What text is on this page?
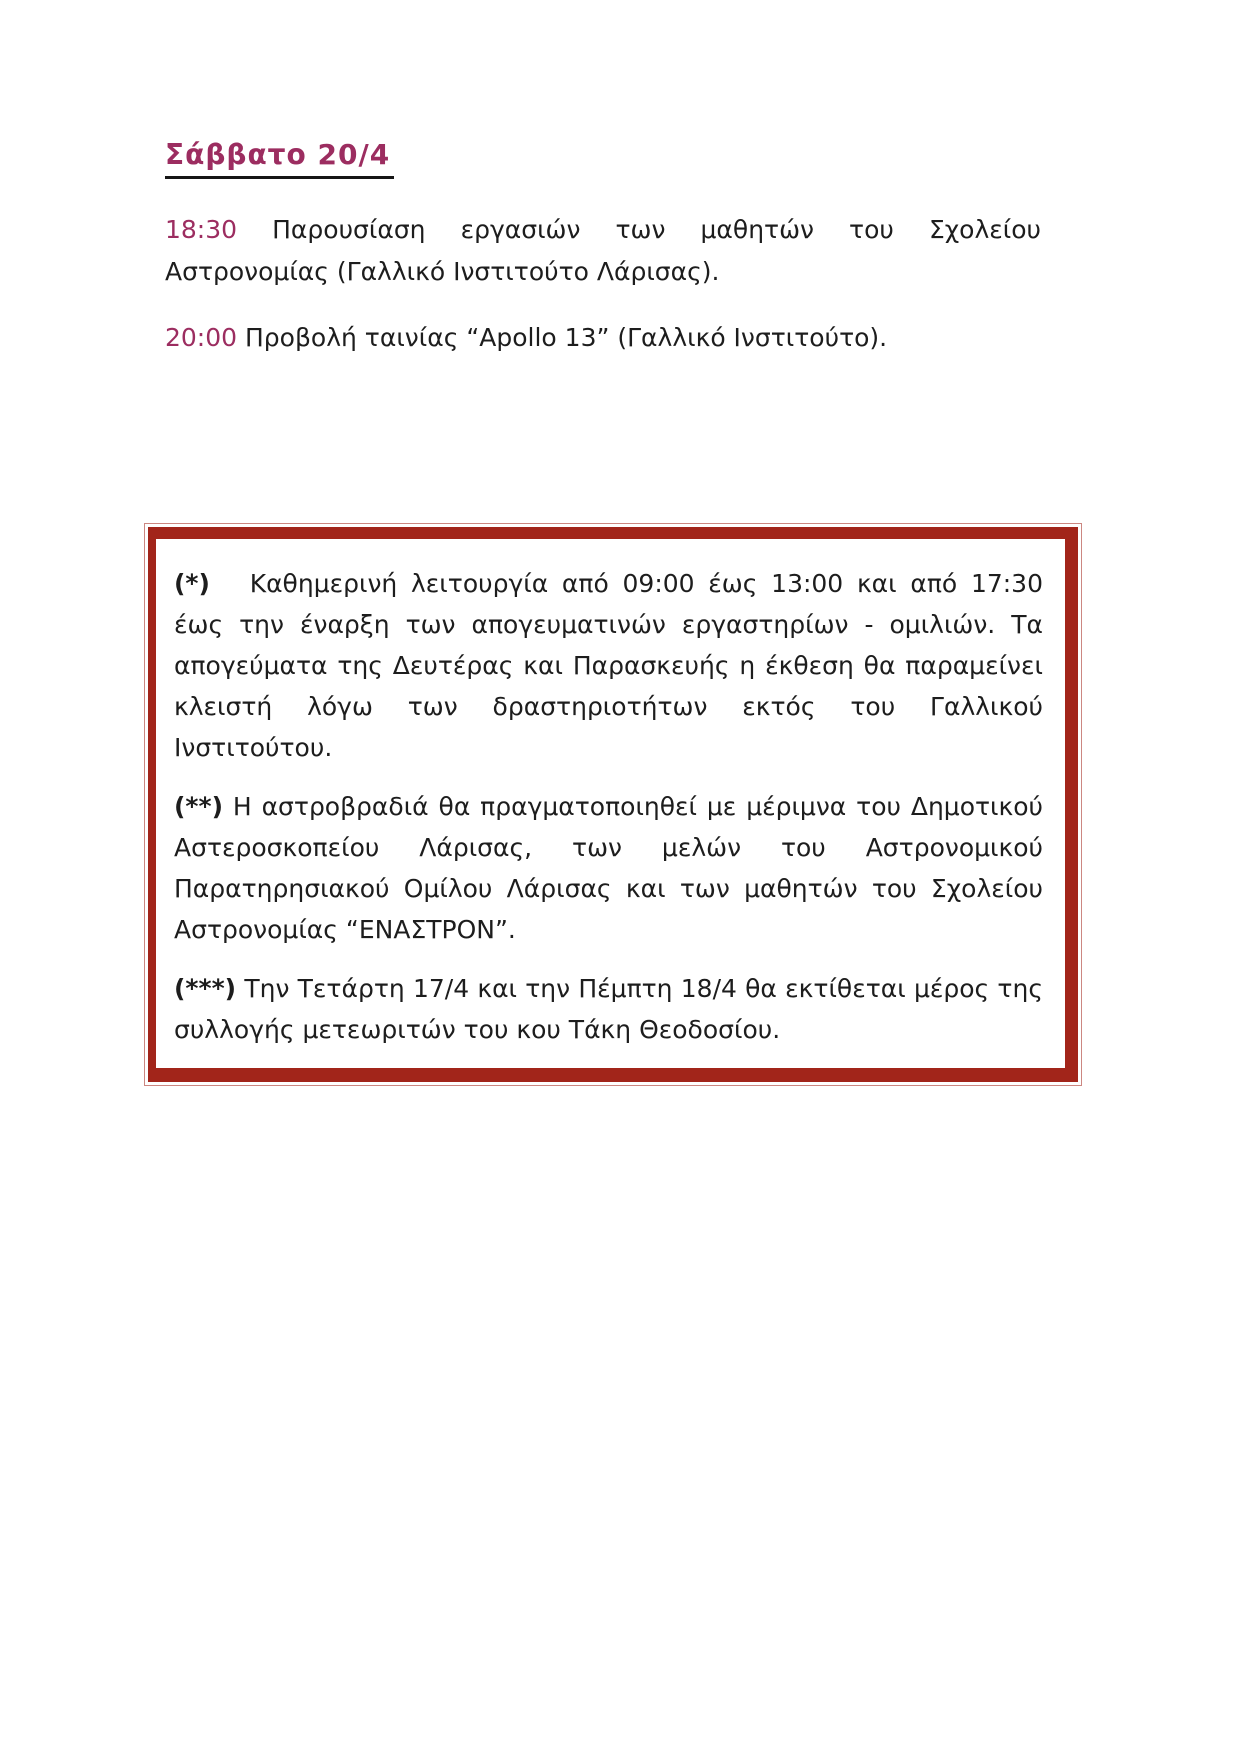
Σάββατο 20/4

18:30 Παρουσίαση εργασιών των μαθητών του Σχολείου Αστρονομίας (Γαλλικό Ινστιτούτο Λάρισας).

20:00 Προβολή ταινίας “Apollo 13” (Γαλλικό Ινστιτούτο).

(*) Καθημερινή λειτουργία από 09:00 έως 13:00 και από 17:30 έως την έναρξη των απογευματινών εργαστηρίων - ομιλιών. Τα απογεύματα της Δευτέρας και Παρασκευής η έκθεση θα παραμείνει κλειστή λόγω των δραστηριοτήτων εκτός του Γαλλικού Ινστιτούτου.

(**) Η αστροβραδιά θα πραγματοποιηθεί με μέριμνα του Δημοτικού Αστεροσκοπείου Λάρισας, των μελών του Αστρονομικού Παρατηρησιακού Ομίλου Λάρισας και των μαθητών του Σχολείου Αστρονομίας “ΕΝΑΣΤΡΟΝ”.

(***) Την Τετάρτη 17/4 και την Πέμπτη 18/4 θα εκτίθεται μέρος της συλλογής μετεωριτών του κου Τάκη Θεοδοσίου.
